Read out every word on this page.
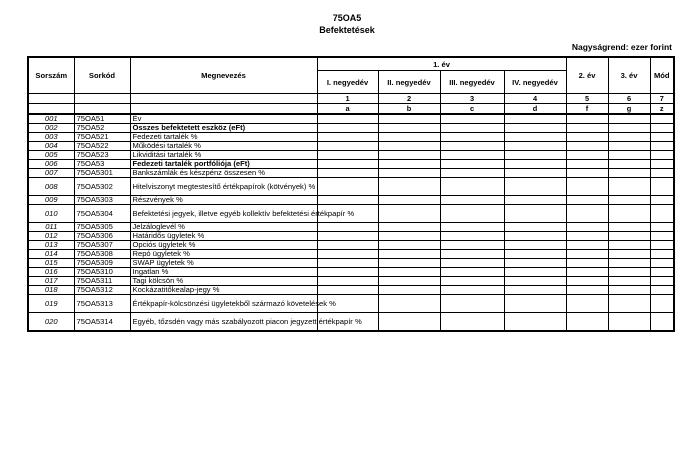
75OA5
Befektetések
Nagyságrend: ezer forint
Sorszám	Sorkód	Megnevezés	1. év				2. év	3. év	Mód
			I. negyedév	II. negyedév	III. negyedév	IV. negyedév			
			1	2	3	4	5	6	7
			a	b	c	d	f	g	z
001	75OA51	Év							
002	75OA52	Összes befektetett eszköz (eFt)							
003	75OA521	Fedezeti tartalék %							
004	75OA522	Működési tartalék %							
005	75OA523	Likviditási tartalék %							
006	75OA53	Fedezeti tartalék portfóliója (eFt)							
007	75OA5301	Bankszámlák és készpénz összesen %							
008	75OA5302	Hitelviszonyt megtestesítő értékpapírok (kötvények) %							
009	75OA5303	Részvények %							
010	75OA5304	Befektetési jegyek, illetve egyéb kollektív befektetési értékpapír %							
011	75OA5305	Jelzáloglevél %							
012	75OA5306	Határidős ügyletek %							
013	75OA5307	Opciós ügyletek %							
014	75OA5308	Repó ügyletek %							
015	75OA5309	SWAP ügyletek %							
016	75OA5310	Ingatlan %							
017	75OA5311	Tagi kölcsön %							
018	75OA5312	Kockázatitőkealap-jegy %							
019	75OA5313	Értékpapír-kölcsönzési ügyletekből származó követelések %							
020	75OA5314	Egyéb, tőzsdén vagy más szabályozott piacon jegyzett értékpapír %							
